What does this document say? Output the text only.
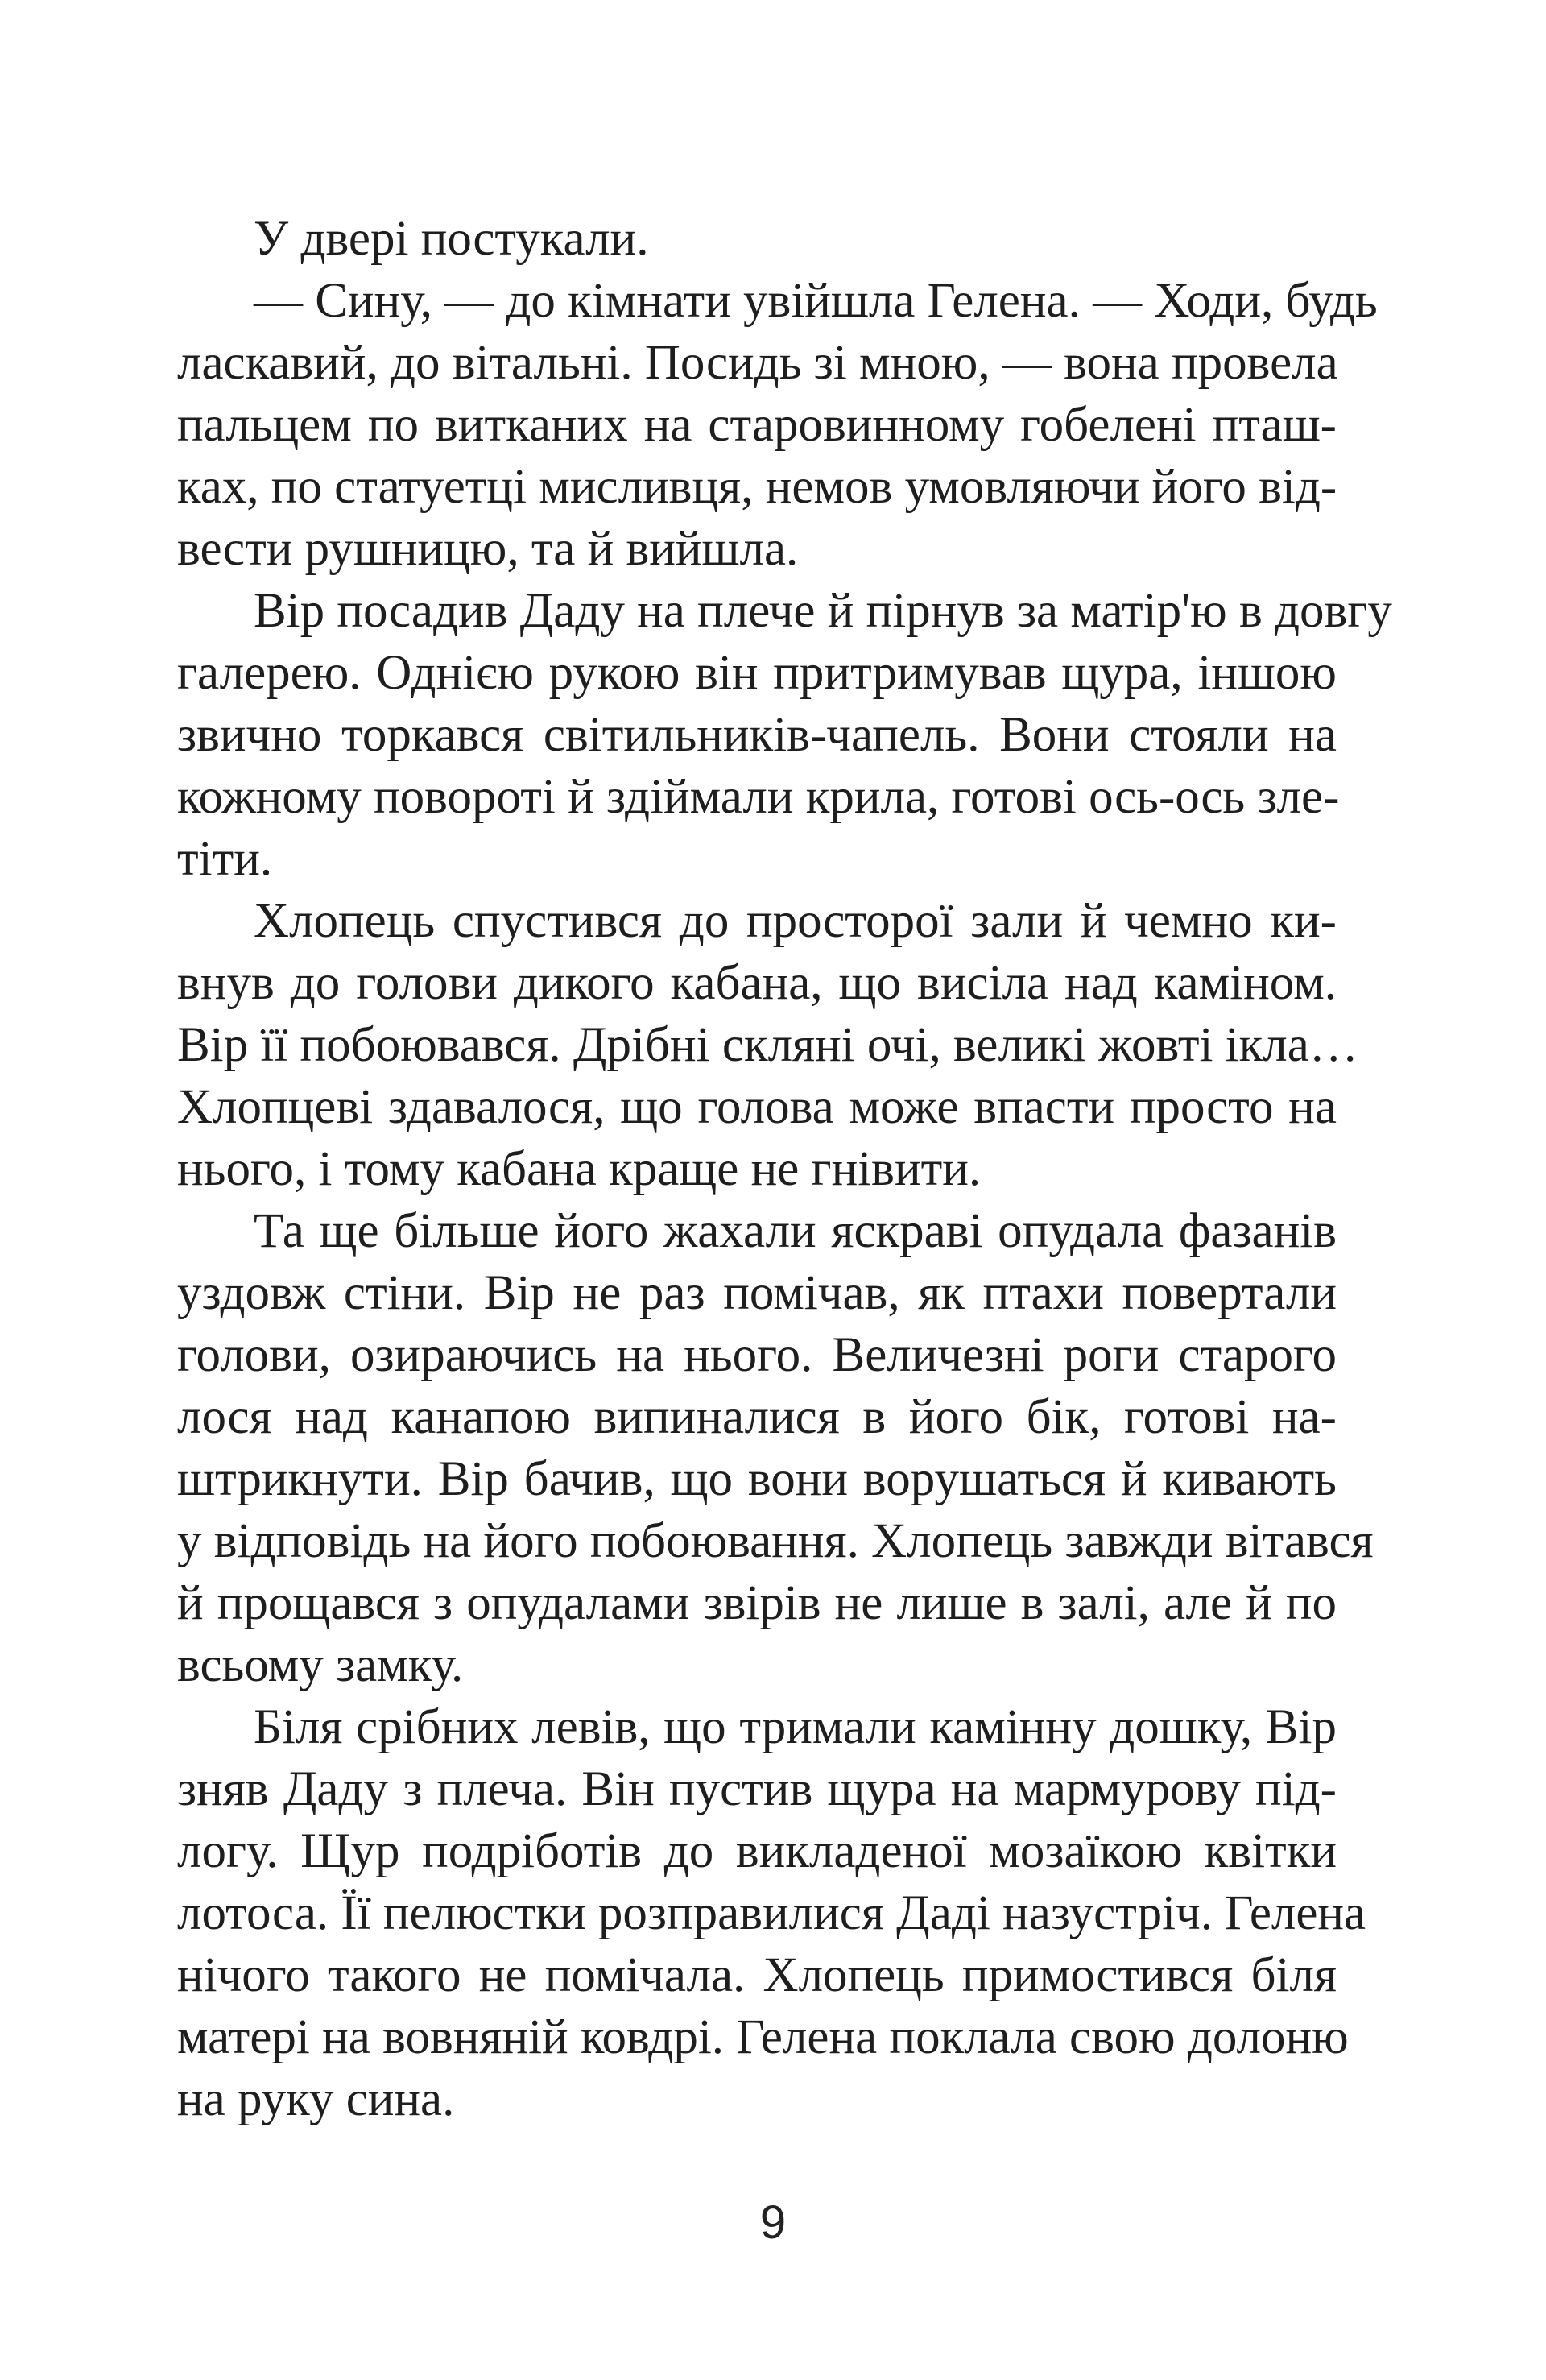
У двері постукали.
— Сину, — до кімнати увійшла Гелена. — Ходи, будь
ласкавий, до вітальні. Посидь зі мною, — вона провела
пальцем по витканих на старовинному гобелені пташ-
ках, по статуетці мисливця, немов умовляючи його від-
вести рушницю, та й вийшла.
Вір посадив Даду на плече й пірнув за матір'ю в довгу
галерею. Однією рукою він притримував щура, іншою
звично торкався світильників-чапель. Вони стояли на
кожному повороті й здіймали крила, готові ось-ось зле-
тіти.
Хлопець спустився до просторої зали й чемно ки-
внув до голови дикого кабана, що висіла над каміном.
Вір її побоювався. Дрібні скляні очі, великі жовті ікла…
Хлопцеві здавалося, що голова може впасти просто на
нього, і тому кабана краще не гнівити.
Та ще більше його жахали яскраві опудала фазанів
уздовж стіни. Вір не раз помічав, як птахи повертали
голови, озираючись на нього. Величезні роги старого
лося над канапою випиналися в його бік, готові на-
штрикнути. Вір бачив, що вони ворушаться й кивають
у відповідь на його побоювання. Хлопець завжди вітався
й прощався з опудалами звірів не лише в залі, але й по
всьому замку.
Біля срібних левів, що тримали камінну дошку, Вір
зняв Даду з плеча. Він пустив щура на мармурову під-
логу. Щур подріботів до викладеної мозаїкою квітки
лотоса. Її пелюстки розправилися Даді назустріч. Гелена
нічого такого не помічала. Хлопець примостився біля
матері на вовняній ковдрі. Гелена поклала свою долоню
на руку сина.
9
